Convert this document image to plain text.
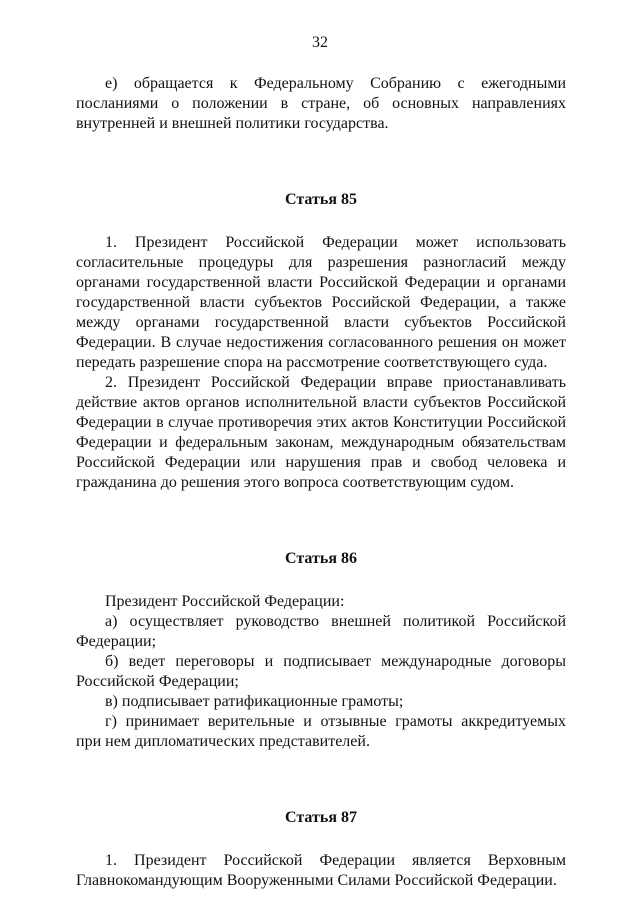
32

е) обращается к Федеральному Собранию с ежегодными посланиями о положении в стране, об основных направлениях внутренней и внешней политики государства.

Статья 85

1. Президент Российской Федерации может использовать согласительные процедуры для разрешения разногласий между органами государственной власти Российской Федерации и органами государственной власти субъектов Российской Федерации, а также между органами государственной власти субъектов Российской Федерации. В случае недостижения согласованного решения он может передать разрешение спора на рассмотрение соответствующего суда.

2. Президент Российской Федерации вправе приостанавливать действие актов органов исполнительной власти субъектов Российской Федерации в случае противоречия этих актов Конституции Российской Федерации и федеральным законам, международным обязательствам Российской Федерации или нарушения прав и свобод человека и гражданина до решения этого вопроса соответствующим судом.

Статья 86

Президент Российской Федерации:

а) осуществляет руководство внешней политикой Российской Федерации;

б) ведет переговоры и подписывает международные договоры Российской Федерации;

в) подписывает ратификационные грамоты;

г) принимает верительные и отзывные грамоты аккредитуемых при нем дипломатических представителей.

Статья 87

1. Президент Российской Федерации является Верховным Главнокомандующим Вооруженными Силами Российской Федерации.
